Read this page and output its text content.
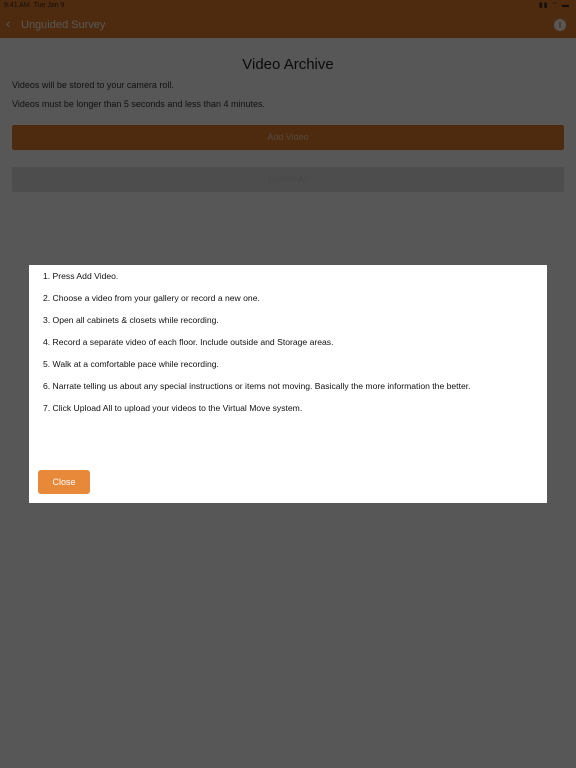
1. Press Add Video.
2. Choose a video from your gallery or record a new one.
3. Open all cabinets & closets while recording.
4. Record a separate video of each floor. Include outside and Storage areas.
5. Walk at a comfortable pace while recording.
6. Narrate telling us about any special instructions or items not moving. Basically the more information the better.
7. Click Upload All to upload your videos to the Virtual Move system.
Close
